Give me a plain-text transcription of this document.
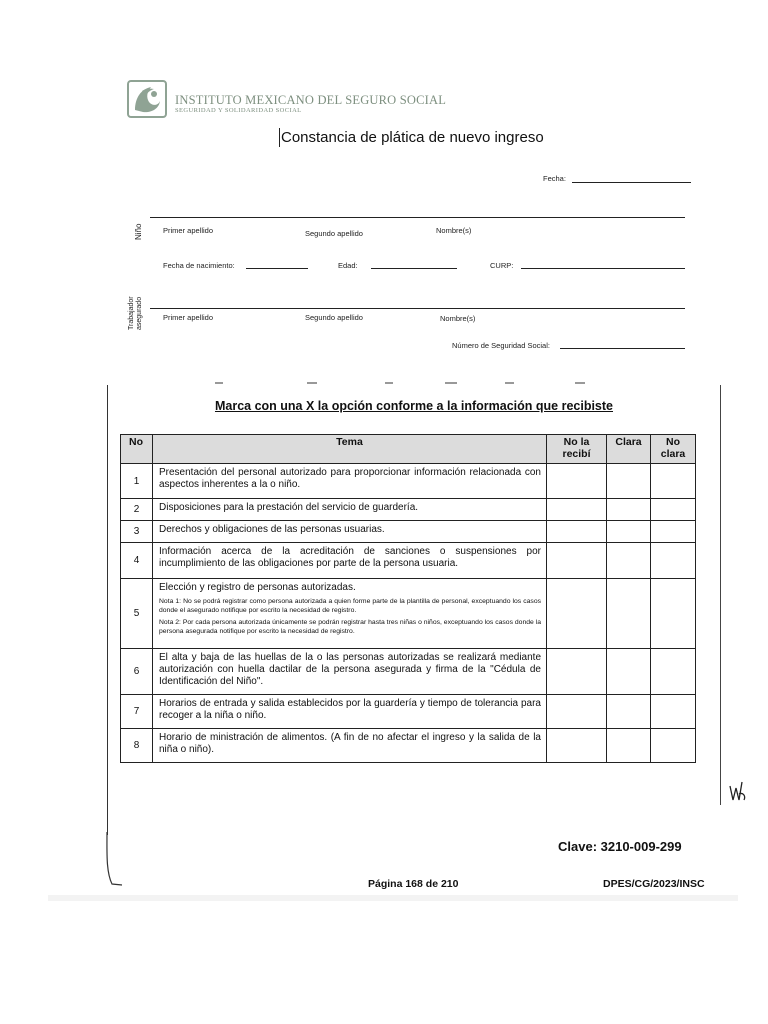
INSTITUTO MEXICANO DEL SEGURO SOCIAL
SEGURIDAD Y SOLIDARIDAD SOCIAL
Constancia de plática de nuevo ingreso
Fecha:
Niño	Primer apellido	Segundo apellido	Nombre(s)
Fecha de nacimiento:	Edad:	CURP:
Trabajador asegurado	Primer apellido	Segundo apellido	Nombre(s)
Número de Seguridad Social:
Marca con una X la opción conforme a la información que recibiste
No	Tema	No la recibí	Clara	No clara
1	Presentación del personal autorizado para proporcionar información relacionada con aspectos inherentes a la o niño.			
2	Disposiciones para la prestación del servicio de guardería.			
3	Derechos y obligaciones de las personas usuarias.			
4	Información acerca de la acreditación de sanciones o suspensiones por incumplimiento de las obligaciones por parte de la persona usuaria.			
5	Elección y registro de personas autorizadas.
Nota 1: No se podrá registrar como persona autorizada a quien forme parte de la plantilla de personal, exceptuando los casos donde el asegurado notifique por escrito la necesidad de registro.
Nota 2: Por cada persona autorizada únicamente se podrán registrar hasta tres niñas o niños, exceptuando los casos donde la persona asegurada notifique por escrito la necesidad de registro.			

6	El alta y baja de las huellas de la o las personas autorizadas se realizará mediante autorización con huella dactilar de la persona asegurada y firma de la "Cédula de Identificación del Niño".			
7	Horarios de entrada y salida establecidos por la guardería y tiempo de tolerancia para recoger a la niña o niño.			
8	Horario de ministración de alimentos. (A fin de no afectar el ingreso y la salida de la niña o niño).			
Clave: 3210-009-299
Página 168 de 210	DPES/CG/2023/INSC
